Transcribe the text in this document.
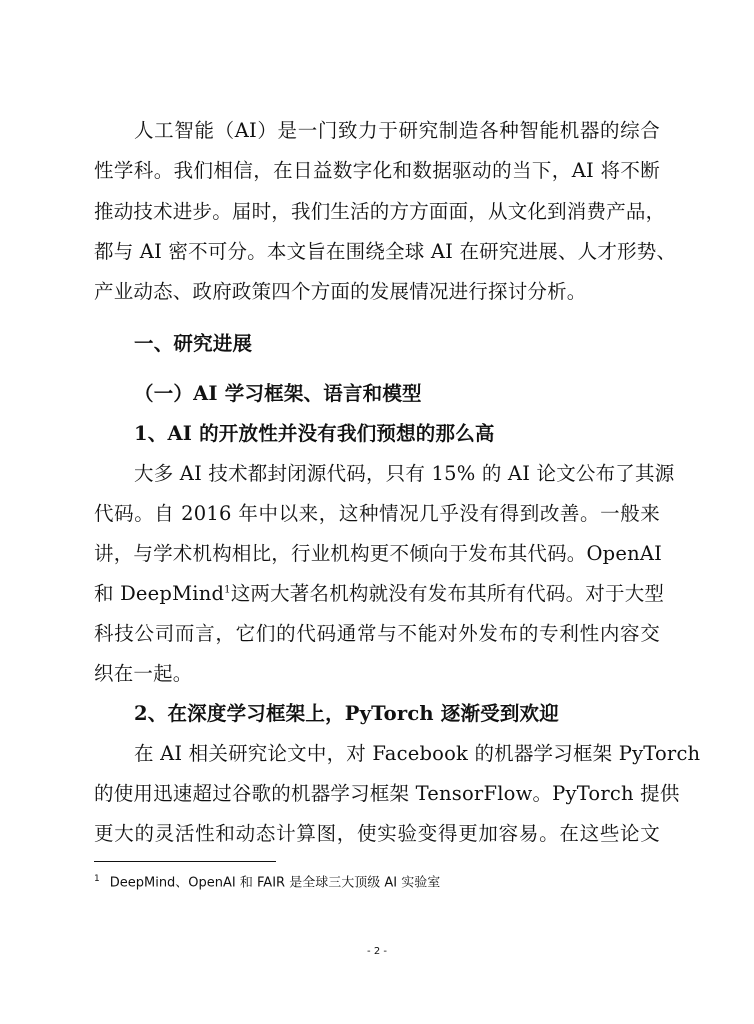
人工智能（AI）是一门致力于研究制造各种智能机器的综合
性学科。我们相信，在日益数字化和数据驱动的当下，AI 将不断
推动技术进步。届时，我们生活的方方面面，从文化到消费产品，
都与 AI 密不可分。本文旨在围绕全球 AI 在研究进展、人才形势、
产业动态、政府政策四个方面的发展情况进行探讨分析。
一、研究进展
（一）AI 学习框架、语言和模型
1、AI 的开放性并没有我们预想的那么高
大多 AI 技术都封闭源代码，只有 15% 的 AI 论文公布了其源
代码。自 2016 年中以来，这种情况几乎没有得到改善。一般来
讲，与学术机构相比，行业机构更不倾向于发布其代码。OpenAI
和 DeepMind$^1$这两大著名机构就没有发布其所有代码。对于大型
科技公司而言，它们的代码通常与不能对外发布的专利性内容交
织在一起。
2、在深度学习框架上，PyTorch 逐渐受到欢迎
在 AI 相关研究论文中，对 Facebook 的机器学习框架 PyTorch
的使用迅速超过谷歌的机器学习框架 TensorFlow。PyTorch 提供
更大的灵活性和动态计算图，使实验变得更加容易。在这些论文
$^1$ DeepMind、OpenAI 和 FAIR 是全球三大顶级 AI 实验室
- 2 -
